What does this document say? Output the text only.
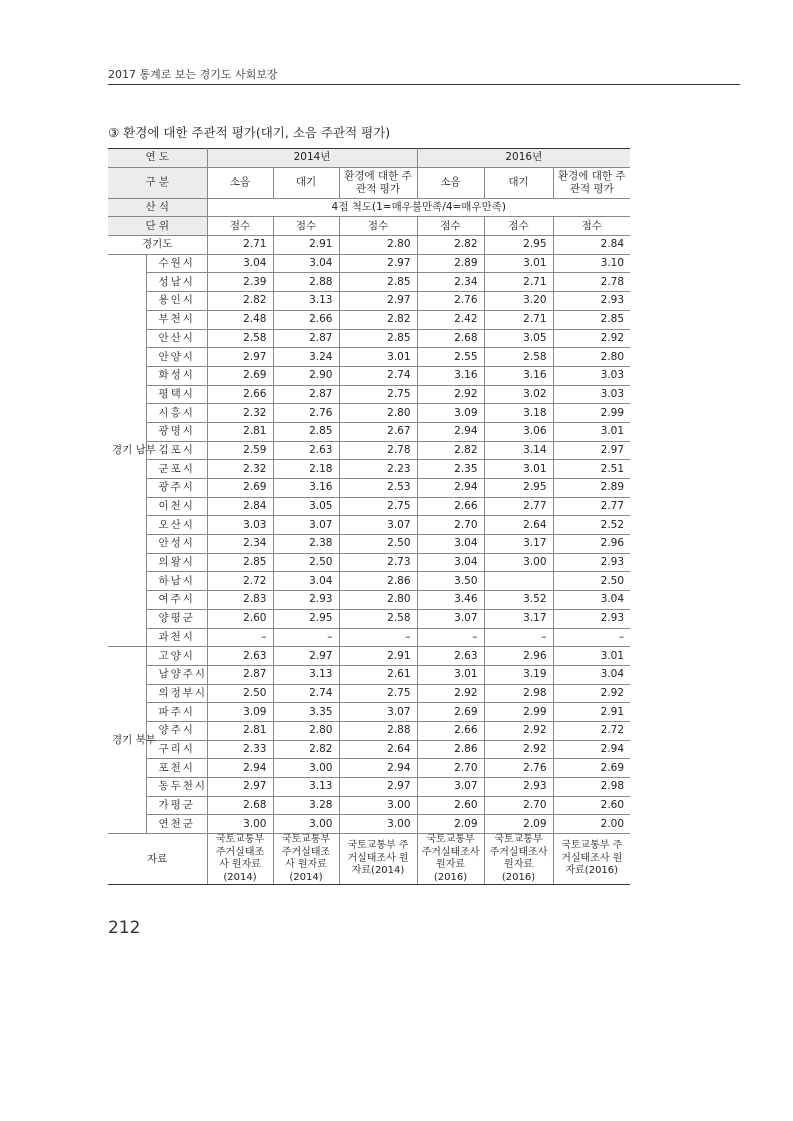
2017 통계로 보는 경기도 사회보장
③ 환경에 대한 주관적 평가(대기, 소음 주관적 평가)
연 도		2014년			2016년		
구 분		소음	대기	환경에 대한 주관적 평가	소음	대기	환경에 대한 주관적 평가
산 식		4점 척도(1=매우불만족/4=매우만족)					
단 위		점수	점수	점수	점수	점수	점수
경기도		2.71	2.91	2.80	2.82	2.95	2.84
경기 남부	수원시	3.04	3.04	2.97	2.89	3.01	3.10
	성남시	2.39	2.88	2.85	2.34	2.71	2.78
	용인시	2.82	3.13	2.97	2.76	3.20	2.93
	부천시	2.48	2.66	2.82	2.42	2.71	2.85
	안산시	2.58	2.87	2.85	2.68	3.05	2.92
	안양시	2.97	3.24	3.01	2.55	2.58	2.80
	화성시	2.69	2.90	2.74	3.16	3.16	3.03
	평택시	2.66	2.87	2.75	2.92	3.02	3.03
	시흥시	2.32	2.76	2.80	3.09	3.18	2.99
	광명시	2.81	2.85	2.67	2.94	3.06	3.01
	김포시	2.59	2.63	2.78	2.82	3.14	2.97
	군포시	2.32	2.18	2.23	2.35	3.01	2.51
	광주시	2.69	3.16	2.53	2.94	2.95	2.89
	이천시	2.84	3.05	2.75	2.66	2.77	2.77
	오산시	3.03	3.07	3.07	2.70	2.64	2.52
	안성시	2.34	2.38	2.50	3.04	3.17	2.96
	의왕시	2.85	2.50	2.73	3.04	3.00	2.93
	하남시	2.72	3.04	2.86	3.50		2.50
	여주시	2.83	2.93	2.80	3.46	3.52	3.04
	양평군	2.60	2.95	2.58	3.07	3.17	2.93
	과천시	–	–	–	–	–	–
경기 북부	고양시	2.63	2.97	2.91	2.63	2.96	3.01
	남양주시	2.87	3.13	2.61	3.01	3.19	3.04
	의정부시	2.50	2.74	2.75	2.92	2.98	2.92
	파주시	3.09	3.35	3.07	2.69	2.99	2.91
	양주시	2.81	2.80	2.88	2.66	2.92	2.72
	구리시	2.33	2.82	2.64	2.86	2.92	2.94
	포천시	2.94	3.00	2.94	2.70	2.76	2.69
	동두천시	2.97	3.13	2.97	3.07	2.93	2.98
	가평군	2.68	3.28	3.00	2.60	2.70	2.60
	연천군	3.00	3.00	3.00	2.09	2.09	2.00
자료		국토교통부 주거실태조사 원자료(2014)	국토교통부 주거실태조사 원자료(2014)	국토교통부 주거실태조사 원자료(2014)	국토교통부 주거실태조사 원자료(2016)	국토교통부 주거실태조사 원자료(2016)	국토교통부 주거실태조사 원자료(2016)
212
